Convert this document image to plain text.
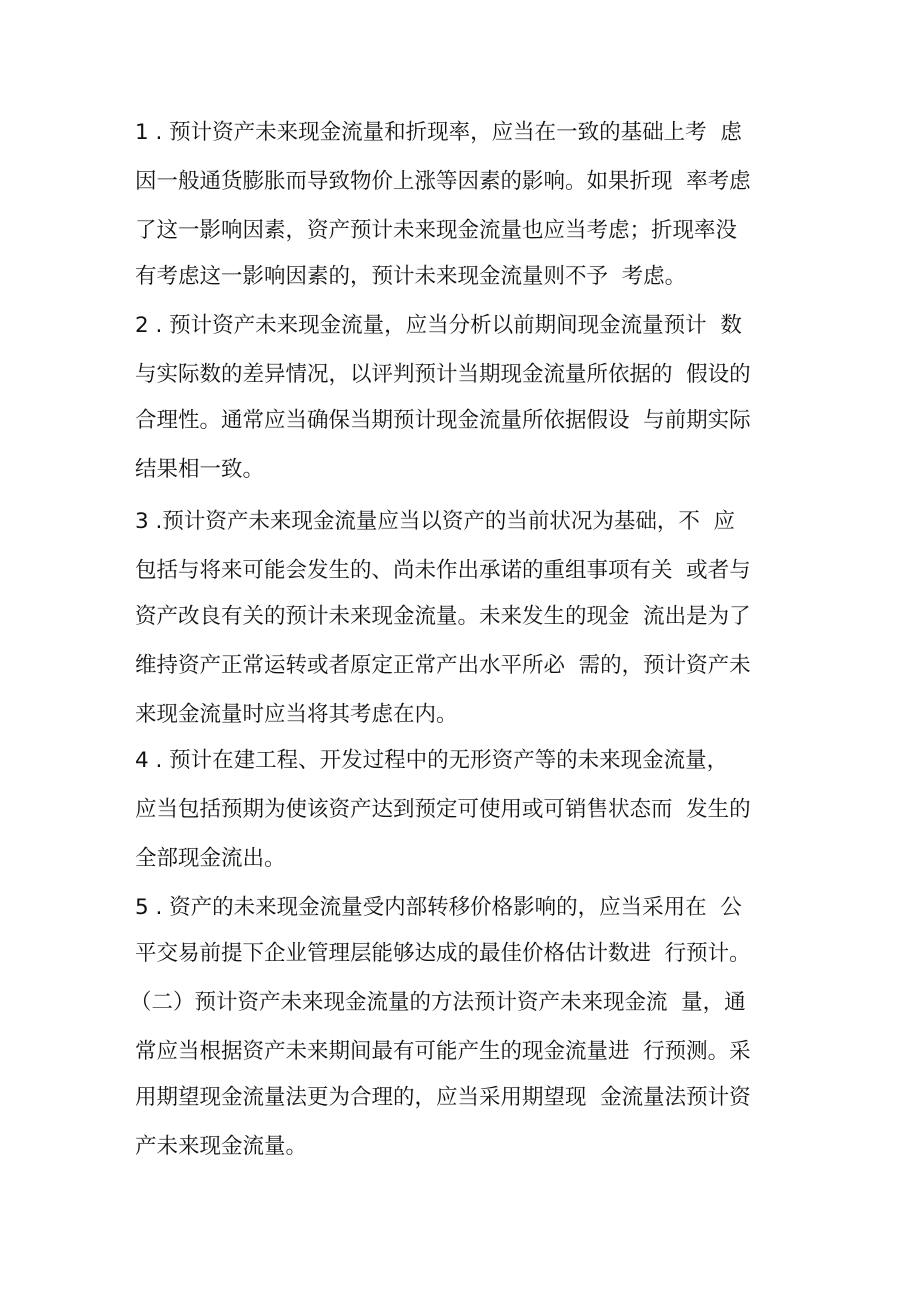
1 . 预计资产未来现金流量和折现率，应当在一致的基础上考  虑
因一般通货膨胀而导致物价上涨等因素的影响。如果折现  率考虑
了这一影响因素，资产预计未来现金流量也应当考虑；折现率没
有考虑这一影响因素的，预计未来现金流量则不予  考虑。
2 . 预计资产未来现金流量，应当分析以前期间现金流量预计  数
与实际数的差异情况，以评判预计当期现金流量所依据的  假设的
合理性。通常应当确保当期预计现金流量所依据假设  与前期实际
结果相一致。
3 .预计资产未来现金流量应当以资产的当前状况为基础，不  应
包括与将来可能会发生的、尚未作出承诺的重组事项有关  或者与
资产改良有关的预计未来现金流量。未来发生的现金  流出是为了
维持资产正常运转或者原定正常产出水平所必  需的，预计资产未
来现金流量时应当将其考虑在内。
4 . 预计在建工程、开发过程中的无形资产等的未来现金流量，
应当包括预期为使该资产达到预定可使用或可销售状态而  发生的
全部现金流出。
5 . 资产的未来现金流量受内部转移价格影响的，应当采用在  公
平交易前提下企业管理层能够达成的最佳价格估计数进  行预计。
（二）预计资产未来现金流量的方法预计资产未来现金流  量，通
常应当根据资产未来期间最有可能产生的现金流量进  行预测。采
用期望现金流量法更为合理的，应当采用期望现  金流量法预计资
产未来现金流量。
